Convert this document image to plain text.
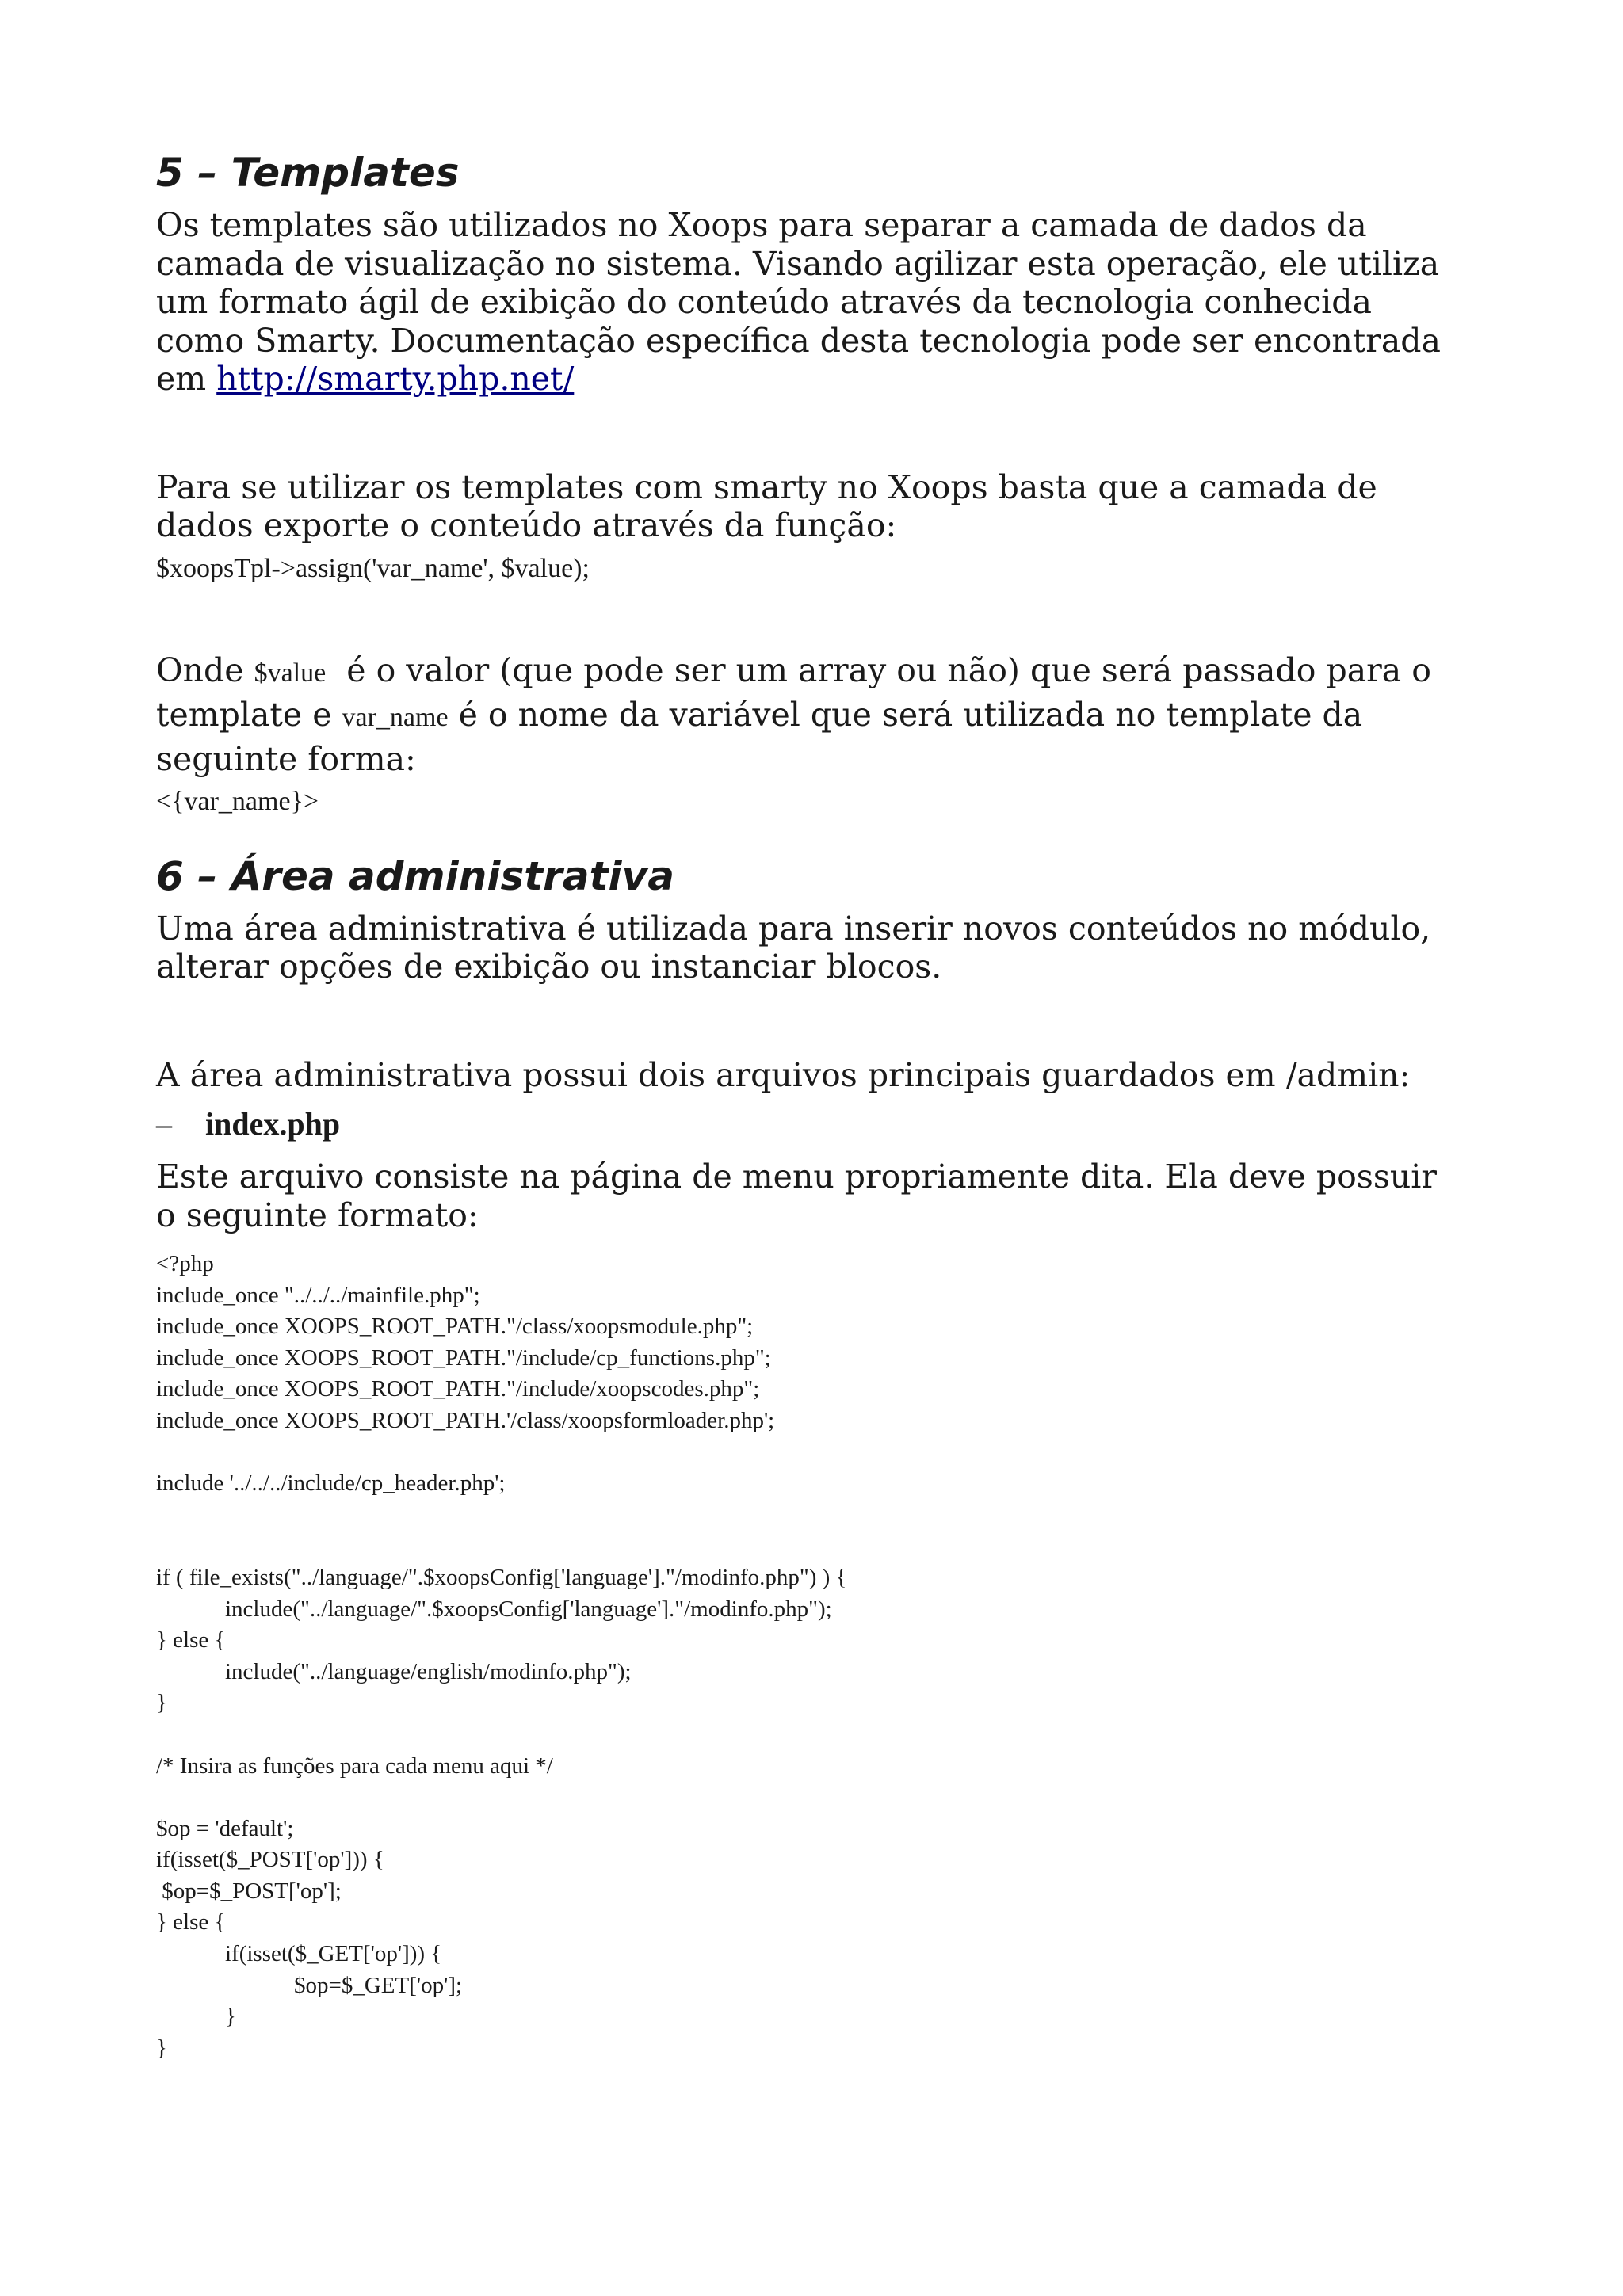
5 – Templates

Os templates são utilizados no Xoops para separar a camada de dados da
camada de visualização no sistema. Visando agilizar esta operação, ele utiliza
um formato ágil de exibição do conteúdo através da tecnologia conhecida
como Smarty. Documentação específica desta tecnologia pode ser encontrada
em http://smarty.php.net/

Para se utilizar os templates com smarty no Xoops basta que a camada de
dados exporte o conteúdo através da função:

$xoopsTpl->assign('var_name', $value);

Onde $value  é o valor (que pode ser um array ou não) que será passado para o
template e var_name é o nome da variável que será utilizada no template da
seguinte forma:

<{var_name}>

6 – Área administrativa

Uma área administrativa é utilizada para inserir novos conteúdos no módulo,
alterar opções de exibição ou instanciar blocos.

A área administrativa possui dois arquivos principais guardados em /admin:

– index.php

Este arquivo consiste na página de menu propriamente dita. Ela deve possuir
o seguinte formato:

<?php
include_once "../../../mainfile.php";
include_once XOOPS_ROOT_PATH."/class/xoopsmodule.php";
include_once XOOPS_ROOT_PATH."/include/cp_functions.php";
include_once XOOPS_ROOT_PATH."/include/xoopscodes.php";
include_once XOOPS_ROOT_PATH.'/class/xoopsformloader.php';

include '../../../include/cp_header.php';

if ( file_exists("../language/".$xoopsConfig['language']."/modinfo.php") ) {
include("../language/".$xoopsConfig['language']."/modinfo.php");
} else {
include("../language/english/modinfo.php");
}

/* Insira as funções para cada menu aqui */

$op = 'default';
if(isset($_POST['op'])) {
$op=$_POST['op'];
} else {
if(isset($_GET['op'])) {
$op=$_GET['op'];
}
}
